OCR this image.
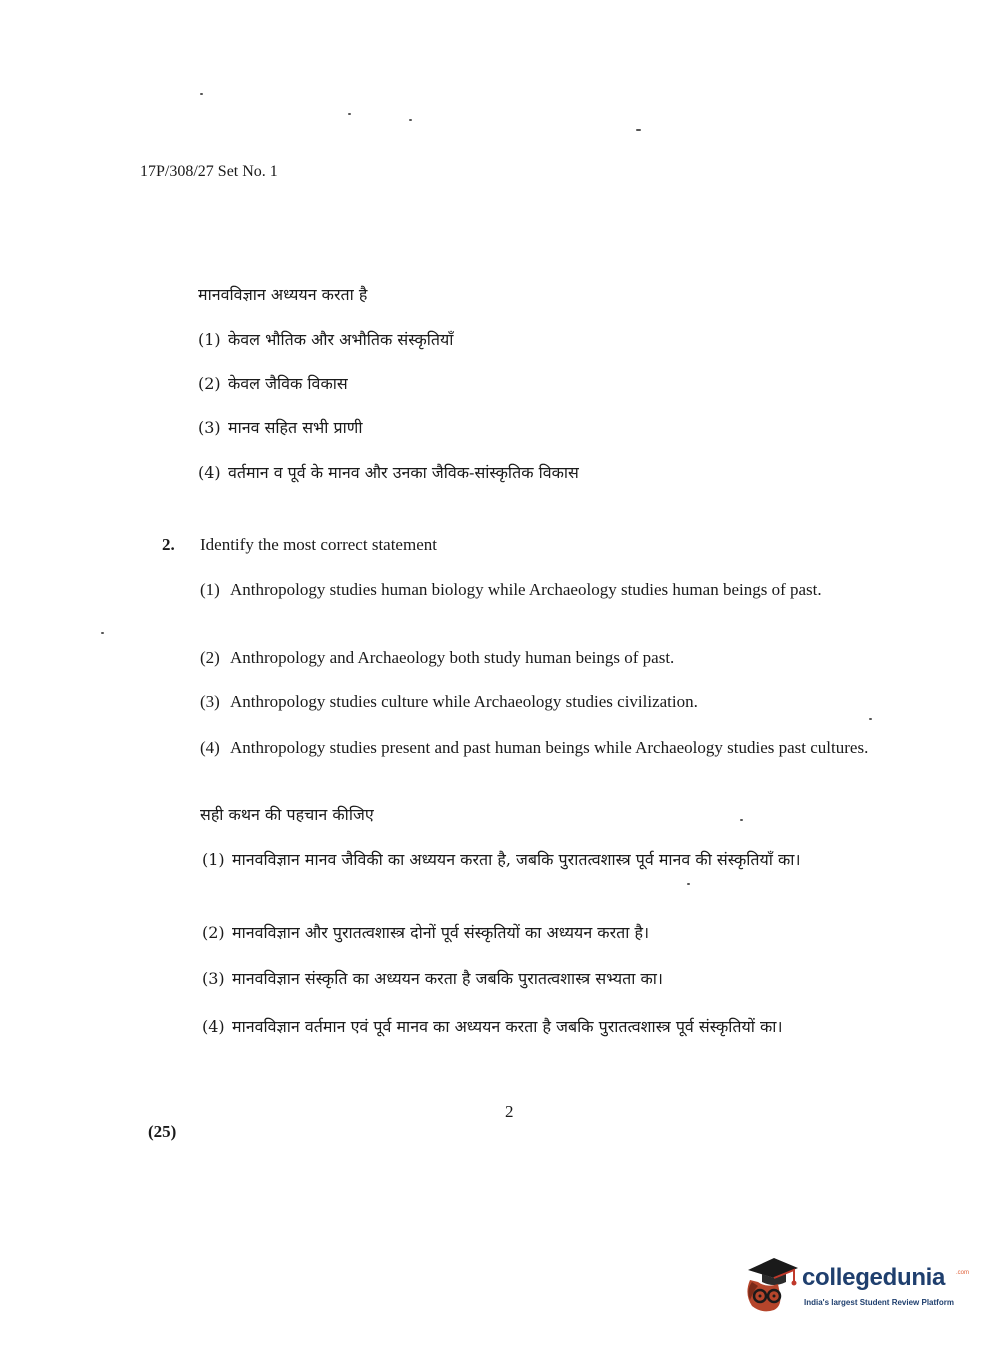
17P/308/27 Set No. 1
मानवविज्ञान अध्ययन करता है
(1) केवल भौतिक और अभौतिक संस्कृतियाँ
(2) केवल जैविक विकास
(3) मानव सहित सभी प्राणी
(4) वर्तमान व पूर्व के मानव और उनका जैविक-सांस्कृतिक विकास
2. Identify the most correct statement
(1) Anthropology studies human biology while Archaeology studies human beings of past.
(2) Anthropology and Archaeology both study human beings of past.
(3) Anthropology studies culture while Archaeology studies civilization.
(4) Anthropology studies present and past human beings while Archaeology studies past cultures.
सही कथन की पहचान कीजिए
(1) मानवविज्ञान मानव जैविकी का अध्ययन करता है, जबकि पुरातत्वशास्त्र पूर्व मानव की संस्कृतियाँ का।
(2) मानवविज्ञान और पुरातत्वशास्त्र दोनों पूर्व संस्कृतियों का अध्ययन करता है।
(3) मानवविज्ञान संस्कृति का अध्ययन करता है जबकि पुरातत्वशास्त्र सभ्यता का।
(4) मानवविज्ञान वर्तमान एवं पूर्व मानव का अध्ययन करता है जबकि पुरातत्वशास्त्र पूर्व संस्कृतियों का।
2
(25)
collegedunia .com
India's largest Student Review Platform
